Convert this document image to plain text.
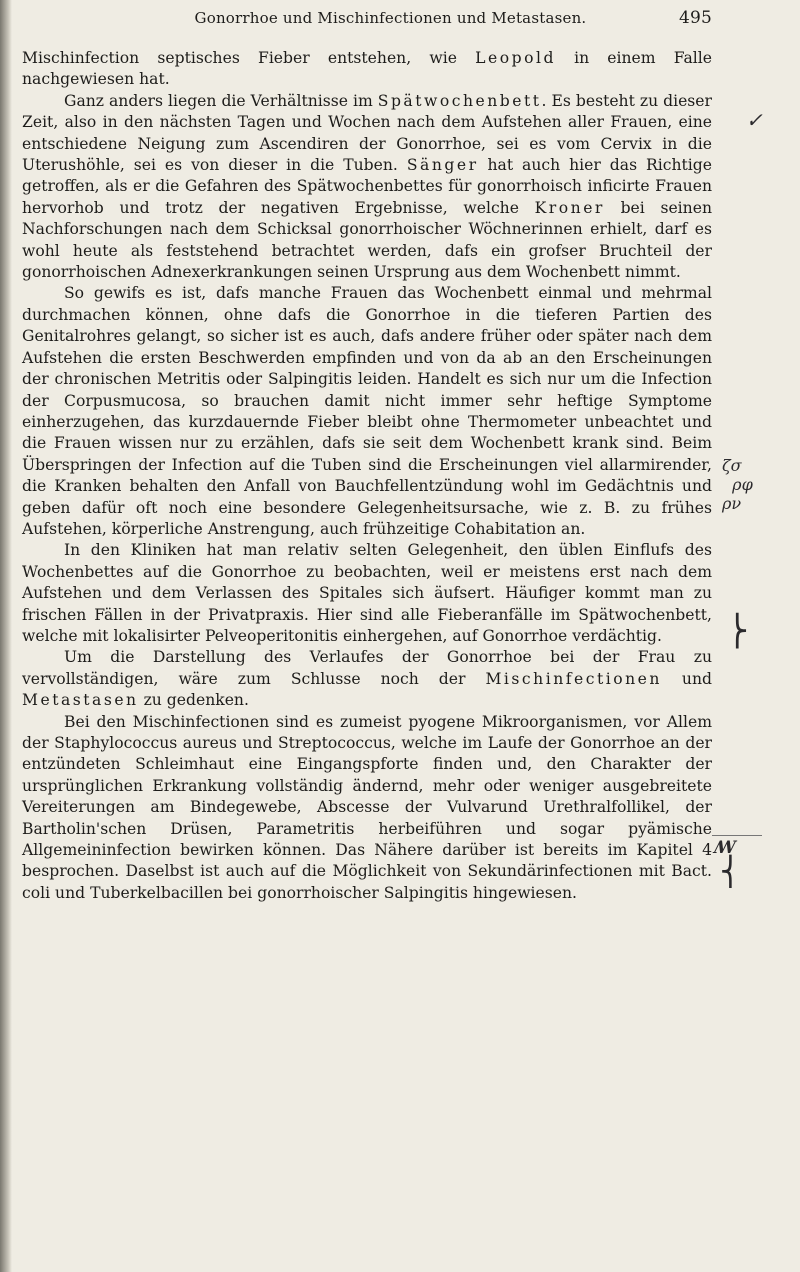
Gonorrhoe und Mischinfectionen und Metastasen.	495

Mischinfection septisches Fieber entstehen, wie Leopold in einem Falle nachgewiesen hat.

Ganz anders liegen die Verhältnisse im Spätwochenbett. Es besteht zu dieser Zeit, also in den nächsten Tagen und Wochen nach dem Aufstehen aller Frauen, eine entschiedene Neigung zum Ascendiren der Gonorrhoe, sei es vom Cervix in die Uterushöhle, sei es von dieser in die Tuben. Sänger hat auch hier das Richtige getroffen, als er die Gefahren des Spätwochenbettes für gonorrhoisch inficirte Frauen hervorhob und trotz der negativen Ergebnisse, welche Kroner bei seinen Nachforschungen nach dem Schicksal gonorrhoischer Wöchnerinnen erhielt, darf es wohl heute als feststehend betrachtet werden, dafs ein grofser Bruchteil der gonorrhoischen Adnexerkrankungen seinen Ursprung aus dem Wochenbett nimmt.

So gewifs es ist, dafs manche Frauen das Wochenbett einmal und mehrmal durchmachen können, ohne dafs die Gonorrhoe in die tieferen Partien des Genitalrohres gelangt, so sicher ist es auch, dafs andere früher oder später nach dem Aufstehen die ersten Beschwerden empfinden und von da ab an den Erscheinungen der chronischen Metritis oder Salpingitis leiden. Handelt es sich nur um die Infection der Corpusmucosa, so brauchen damit nicht immer sehr heftige Symptome einherzugehen, das kurzdauernde Fieber bleibt ohne Thermometer unbeachtet und die Frauen wissen nur zu erzählen, dafs sie seit dem Wochenbett krank sind. Beim Überspringen der Infection auf die Tuben sind die Erscheinungen viel allarmirender, die Kranken behalten den Anfall von Bauchfellentzündung wohl im Gedächtnis und geben dafür oft noch eine besondere Gelegenheitsursache, wie z. B. zu frühes Aufstehen, körperliche Anstrengung, auch frühzeitige Cohabitation an.

In den Kliniken hat man relativ selten Gelegenheit, den üblen Einflufs des Wochenbettes auf die Gonorrhoe zu beobachten, weil er meistens erst nach dem Aufstehen und dem Verlassen des Spitales sich äufsert. Häufiger kommt man zu frischen Fällen in der Privatpraxis. Hier sind alle Fieberanfälle im Spätwochenbett, welche mit lokalisirter Pelveoperitonitis einhergehen, auf Gonorrhoe verdächtig.

Um die Darstellung des Verlaufes der Gonorrhoe bei der Frau zu vervollständigen, wäre zum Schlusse noch der Mischinfectionen und Metastasen zu gedenken.

Bei den Mischinfectionen sind es zumeist pyogene Mikroorganismen, vor Allem der Staphylococcus aureus und Streptococcus, welche im Laufe der Gonorrhoe an der entzündeten Schleimhaut eine Eingangspforte finden und, den Charakter der ursprünglichen Erkrankung vollständig ändernd, mehr oder weniger ausgebreitete Vereiterungen am Bindegewebe, Abscesse der Vulvarund Urethralfollikel, der Bartholin'schen Drüsen, Parametritis herbeiführen und sogar pyämische Allgemeininfection bewirken können. Das Nähere darüber ist bereits im Kapitel 4 besprochen. Daselbst ist auch auf die Möglichkeit von Sekundärinfectionen mit Bact. coli und Tuberkelbacillen bei gonorrhoischer Salpingitis hingewiesen.

✓
ζσ
ρφ
ρν
⎬
ꟿ
⎨
